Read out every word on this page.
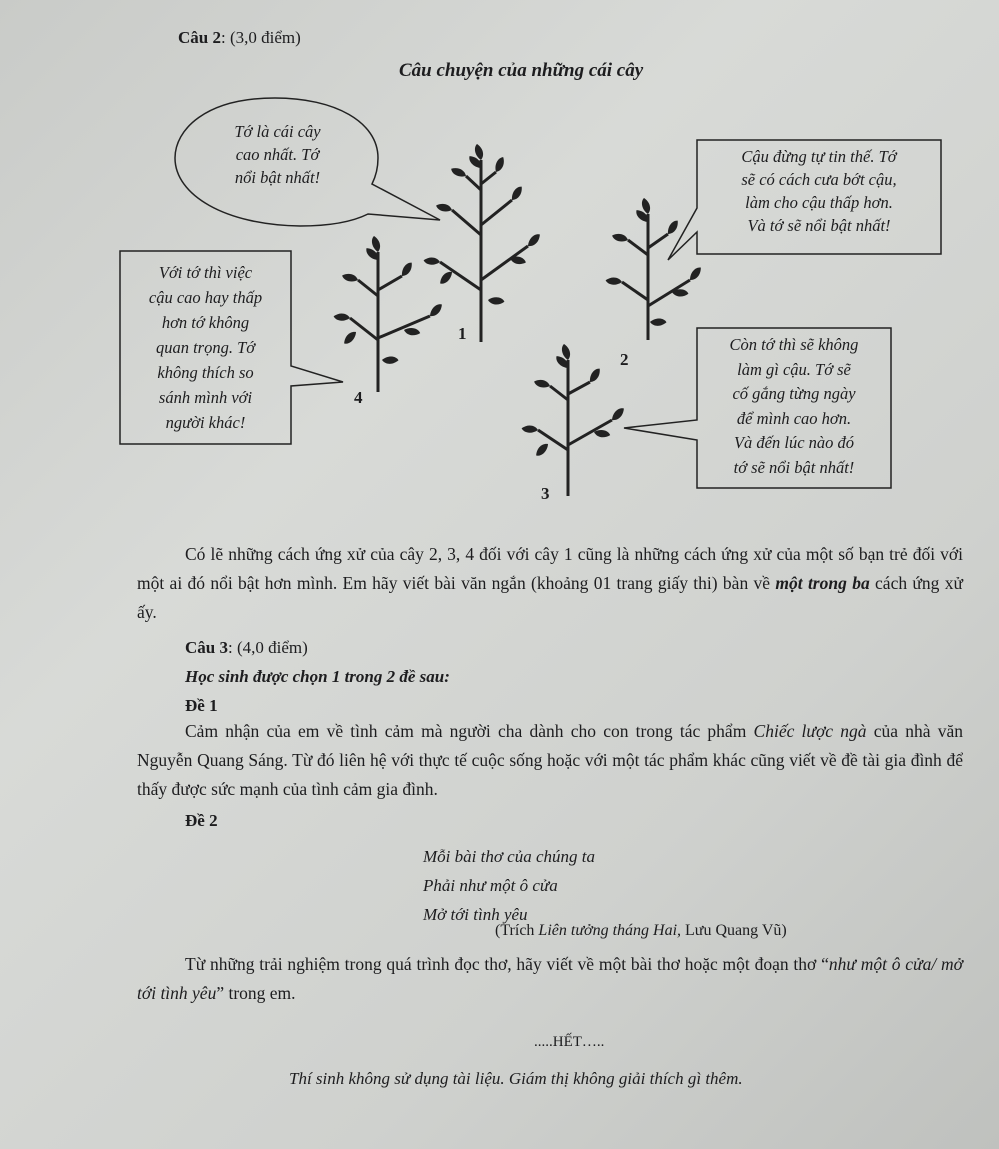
Câu 2: (3,0 điểm)
Câu chuyện của những cái cây
Tớ là cái cây
cao nhất. Tớ
nổi bật nhất!
Cậu đừng tự tin thế. Tớ
sẽ có cách cưa bớt cậu,
làm cho cậu thấp hơn.
Và tớ sẽ nổi bật nhất!
Còn tớ thì sẽ không
làm gì cậu. Tớ sẽ
cố gắng từng ngày
để mình cao hơn.
Và đến lúc nào đó
tớ sẽ nổi bật nhất!
Với tớ thì việc
cậu cao hay thấp
hơn tớ không
quan trọng. Tớ
không thích so
sánh mình với
người khác!
1
2
3
4
Có lẽ những cách ứng xử của cây 2, 3, 4 đối với cây 1 cũng là những cách ứng xử của một số bạn trẻ đối với một ai đó nổi bật hơn mình. Em hãy viết bài văn ngắn (khoảng 01 trang giấy thi) bàn về một trong ba cách ứng xử ấy.
Câu 3: (4,0 điểm)
Học sinh được chọn 1 trong 2 đề sau:
Đề 1
Cảm nhận của em về tình cảm mà người cha dành cho con trong tác phẩm Chiếc lược ngà của nhà văn Nguyễn Quang Sáng. Từ đó liên hệ với thực tế cuộc sống hoặc với một tác phẩm khác cũng viết về đề tài gia đình để thấy được sức mạnh của tình cảm gia đình.
Đề 2
Mỗi bài thơ của chúng ta
Phải như một ô cửa
Mở tới tình yêu
(Trích Liên tưởng tháng Hai, Lưu Quang Vũ)
Từ những trải nghiệm trong quá trình đọc thơ, hãy viết về một bài thơ hoặc một đoạn thơ “như một ô cửa/ mở tới tình yêu” trong em.
.....HẾT…..
Thí sinh không sử dụng tài liệu. Giám thị không giải thích gì thêm.
